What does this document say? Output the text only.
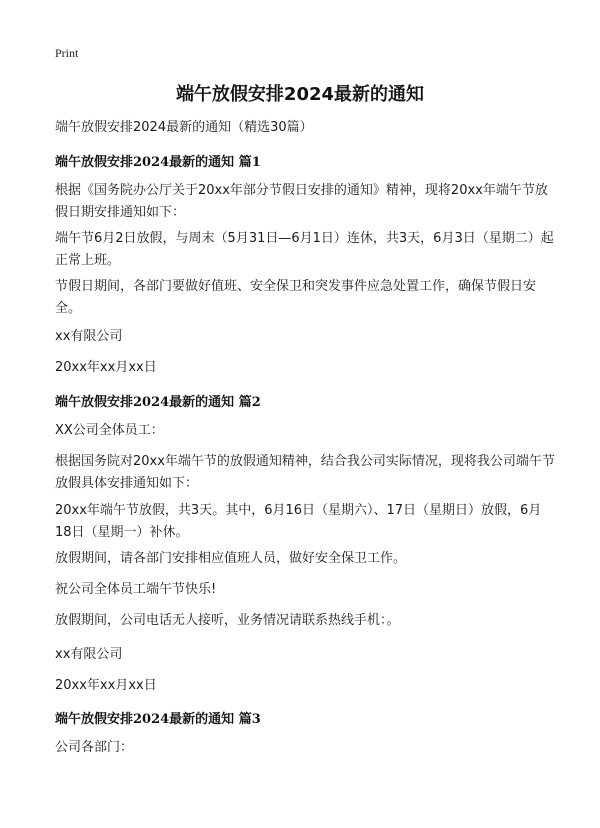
Print
端午放假安排2024最新的通知
端午放假安排2024最新的通知（精选30篇）
端午放假安排2024最新的通知 篇1
根据《国务院办公厅关于20xx年部分节假日安排的通知》精神，现将20xx年端午节放假日期安排通知如下：
端午节6月2日放假，与周末（5月31日—6月1日）连休，共3天，6月3日（星期二）起正常上班。
节假日期间，各部门要做好值班、安全保卫和突发事件应急处置工作，确保节假日安全。
xx有限公司
20xx年xx月xx日
端午放假安排2024最新的通知 篇2
XX公司全体员工：
根据国务院对20xx年端午节的放假通知精神，结合我公司实际情况，现将我公司端午节放假具体安排通知如下：
20xx年端午节放假，共3天。其中，6月16日（星期六）、17日（星期日）放假，6月18日（星期一）补休。
放假期间，请各部门安排相应值班人员，做好安全保卫工作。
祝公司全体员工端午节快乐!
放假期间，公司电话无人接听，业务情况请联系热线手机：。
xx有限公司
20xx年xx月xx日
端午放假安排2024最新的通知 篇3
公司各部门：
